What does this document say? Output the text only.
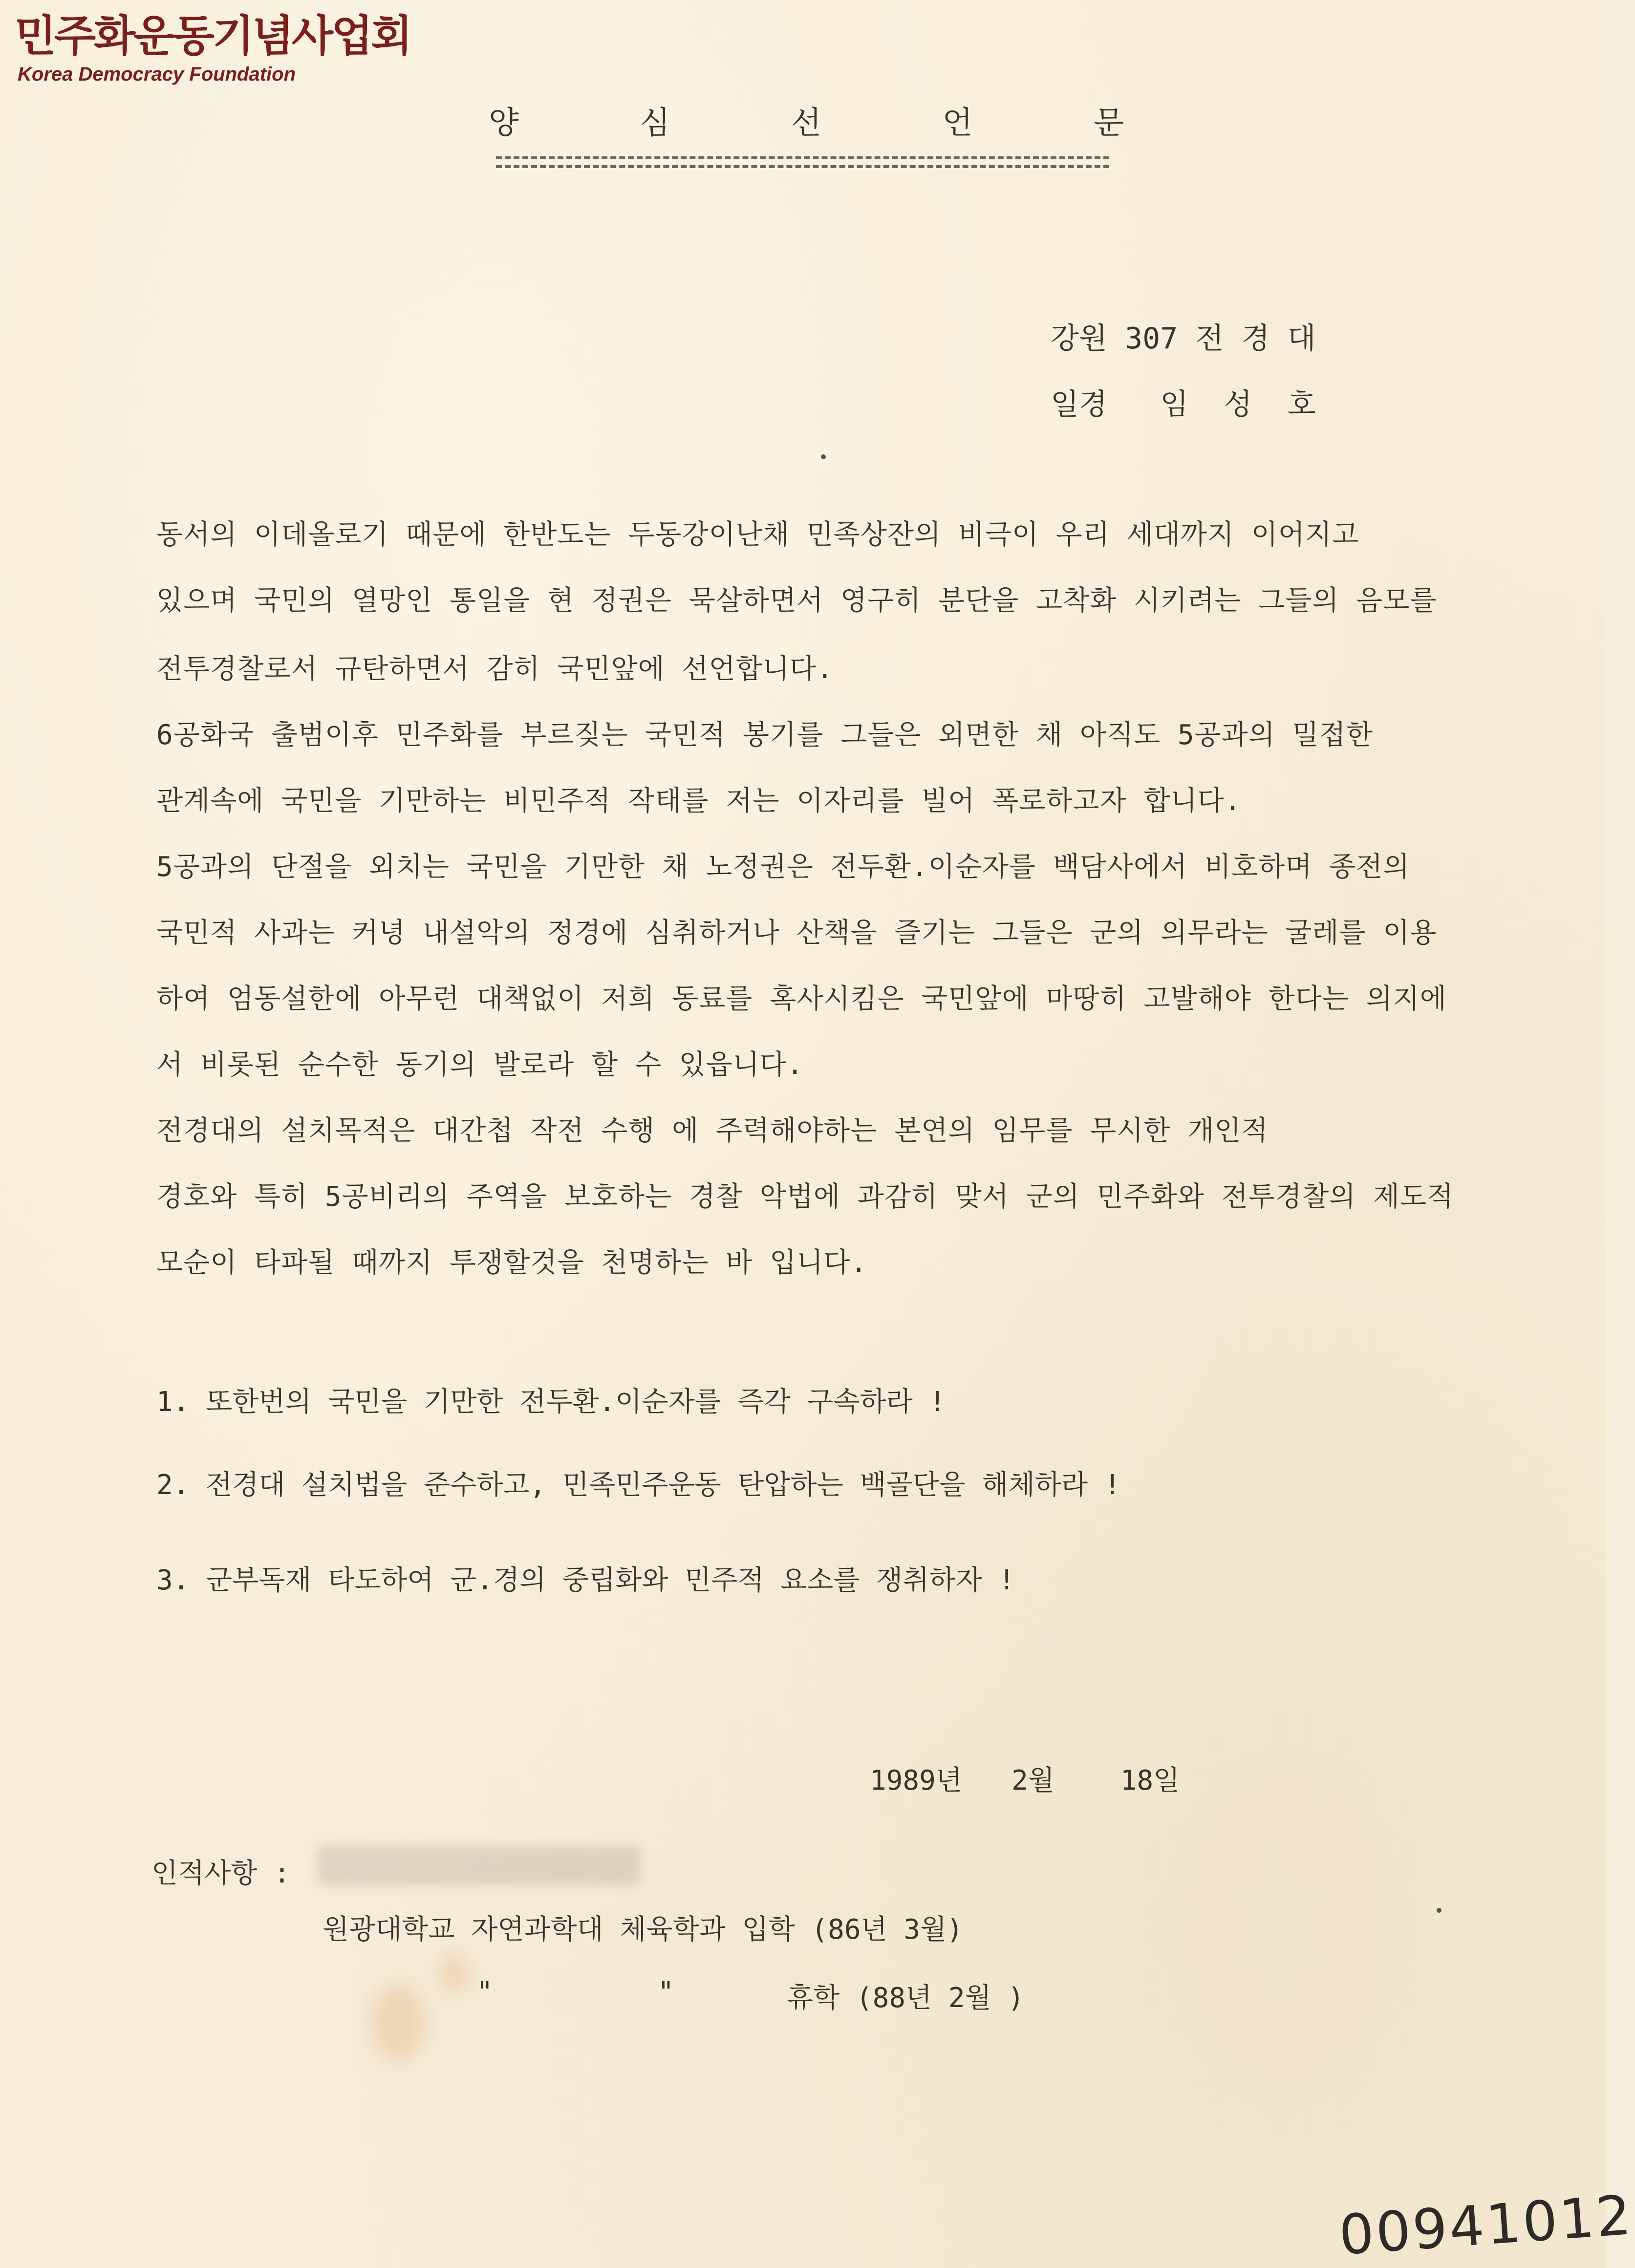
민주화운동기념사업회
Korea Democracy Foundation
양	심	선	언	문
강원 307 전 경 대
일경   임  성  호
동서의 이데올로기 때문에 한반도는 두동강이난채 민족상잔의 비극이 우리 세대까지 이어지고
있으며 국민의 열망인 통일을 현 정권은 묵살하면서 영구히 분단을 고착화 시키려는 그들의 음모를
전투경찰로서 규탄하면서 감히 국민앞에 선언합니다.
6공화국 출범이후 민주화를 부르짖는 국민적 봉기를 그들은 외면한 채 아직도 5공과의 밀접한
관계속에 국민을 기만하는 비민주적 작태를 저는 이자리를 빌어 폭로하고자 합니다.
5공과의 단절을 외치는 국민을 기만한 채 노정권은 전두환.이순자를 백담사에서 비호하며 종전의
국민적 사과는 커녕 내설악의 정경에 심취하거나 산책을 즐기는 그들은 군의 의무라는 굴레를 이용
하여 엄동설한에 아무런 대책없이 저희 동료를 혹사시킴은 국민앞에 마땅히 고발해야 한다는 의지에
서 비롯된 순수한 동기의 발로라 할 수 있읍니다.
전경대의 설치목적은 대간첩 작전 수행 에 주력해야하는 본연의 임무를 무시한 개인적
경호와 특히 5공비리의 주역을 보호하는 경찰 악법에 과감히 맞서 군의 민주화와 전투경찰의 제도적
모순이 타파될 때까지 투쟁할것을 천명하는 바 입니다.
1. 또한번의 국민을 기만한 전두환.이순자를 즉각 구속하라 !
2. 전경대 설치법을 준수하고, 민족민주운동 탄압하는 백골단을 해체하라 !
3. 군부독재 타도하여 군.경의 중립화와 민주적 요소를 쟁취하자 !
1989년   2월    18일
인적사항 :
원광대학교 자연과학대 체육학과 입학 (86년 3월)
"          "	휴학 (88년 2월 )
00941012
